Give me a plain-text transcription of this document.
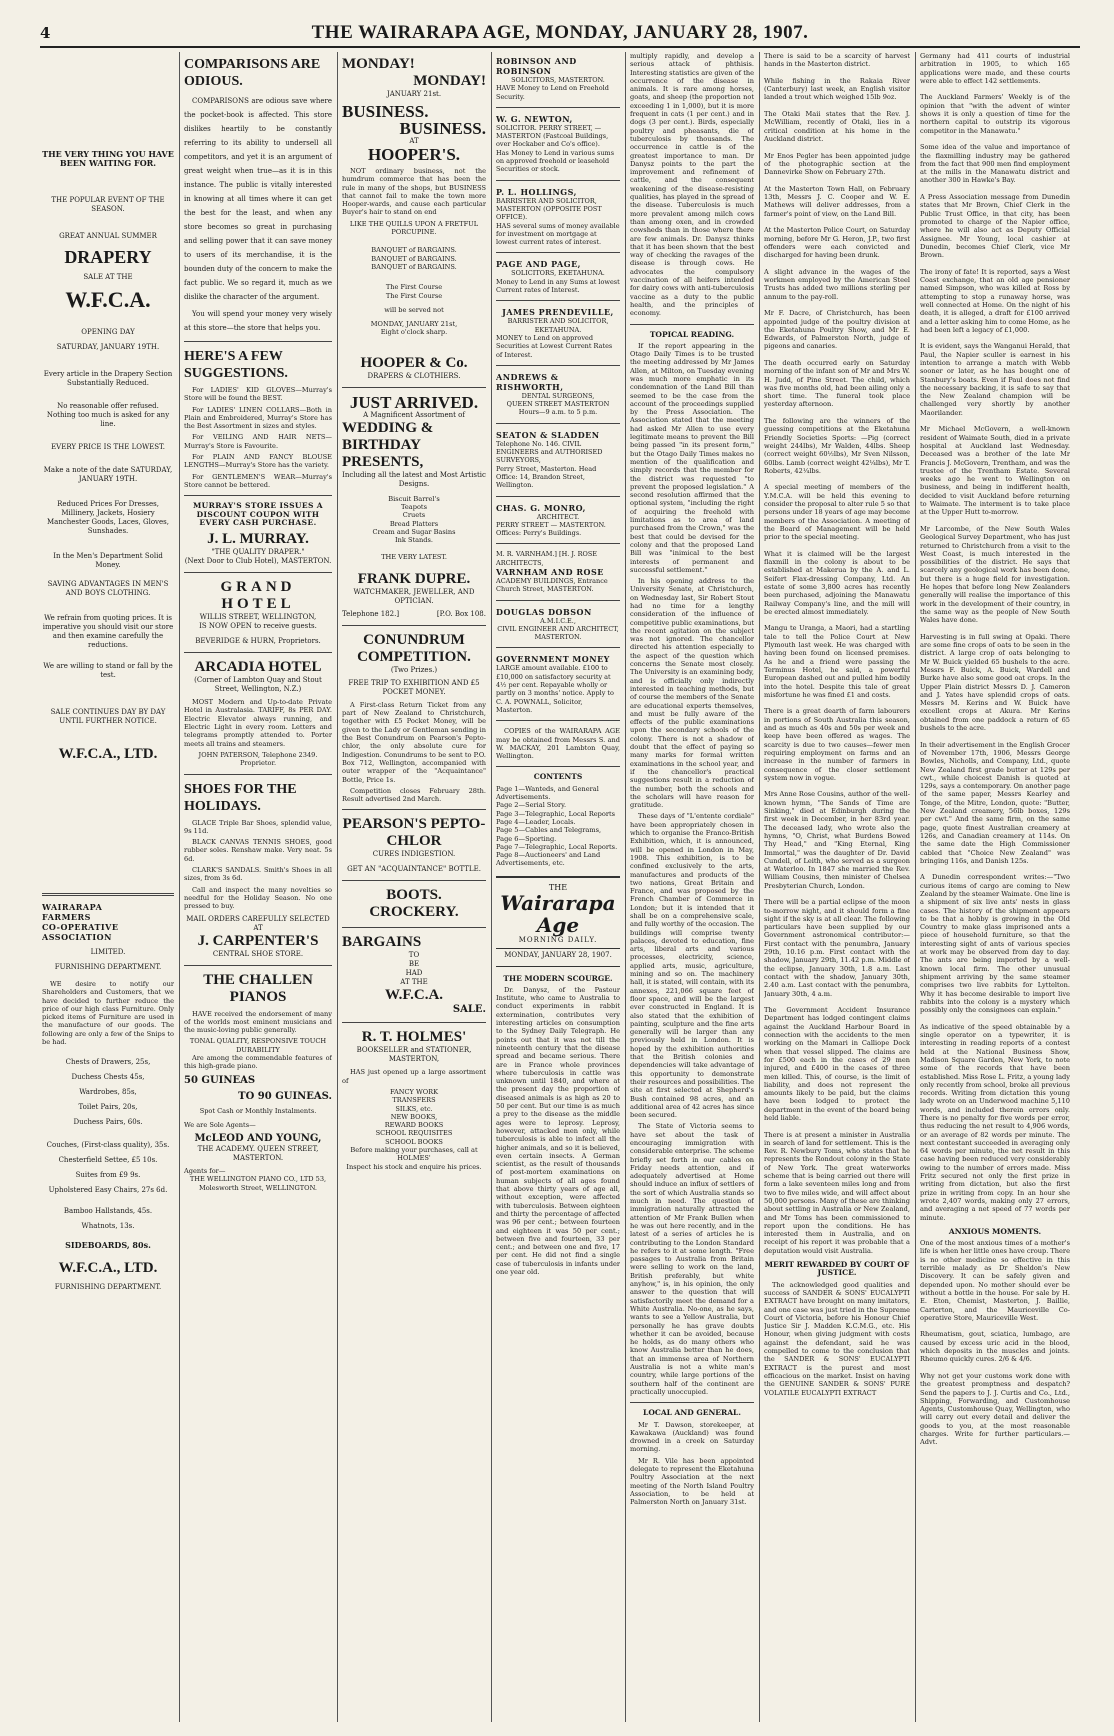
4	THE WAIRARAPA AGE, MONDAY, JANUARY 28, 1907.
THE VERY THING YOU HAVE BEEN WAITING FOR.
THE POPULAR EVENT OF THE SEASON.
GREAT ANNUAL SUMMER
DRAPERY
SALE AT THE
W.F.C.A.
OPENING DAY
SATURDAY, JANUARY 19TH.
Every article in the Drapery Section Substantially Reduced.
No reasonable offer refused. Nothing too much is asked for any line.
EVERY PRICE IS THE LOWEST.
Make a note of the date SATURDAY, JANUARY 19TH.
Reduced Prices For Dresses, Millinery, Jackets, Hosiery Manchester Goods, Laces, Gloves, Sunshades.
In the Men's Department Solid Money.
SAVING ADVANTAGES IN MEN'S AND BOYS CLOTHING.
We refrain from quoting prices. It is imperative you should visit our store and then examine carefully the reductions.
We are willing to stand or fall by the test.
SALE CONTINUES DAY BY DAY UNTIL FURTHER NOTICE.
W.F.C.A., LTD.
WAIRARAPA
FARMERS
CO-OPERATIVE
ASSOCIATION
LIMITED.
FURNISHING DEPARTMENT.

WE desire to notify our Shareholders and Customers, that we have decided to further reduce the price of our high class Furniture. Only picked items of Furniture are used in the manufacture of our goods. The following are only a few of the Snips to be had.

Chests of Drawers, 25s,
Duchess Chests 45s,
Wardrobes, 85s,
Toilet Pairs, 20s,
Duchess Pairs, 60s.
Couches, (First-class quality), 35s.
Chesterfield Settee, £5 10s.
Suites from £9 9s.
Upholstered Easy Chairs, 27s 6d.
Bamboo Hallstands, 45s.
Whatnots, 13s.
SIDEBOARDS, 80s.
W.F.C.A., LTD.
FURNISHING DEPARTMENT.
COMPARISONS ARE ODIOUS.

COMPARISONS are odious save where the pocket-book is affected. This store dislikes heartily to be constantly referring to its ability to undersell all competitors, and yet it is an argument of great weight when true—as it is in this instance. The public is vitally interested in knowing at all times where it can get the best for the least, and when any store becomes so great in purchasing and selling power that it can save money to users of its merchandise, it is the bounden duty of the concern to make the fact public. We so regard it, much as we dislike the character of the argument.

You will spend your money very wisely at this store—the store that helps you.

HERE'S A FEW SUGGESTIONS.

For LADIES' KID GLOVES—Murray's Store will be found the BEST.

For LADIES' LINEN COLLARS—Both in Plain and Embroidered, Murray's Store has the Best Assortment in sizes and styles.

For VEILING AND HAIR NETS—Murray's Store is Favourite.

For PLAIN AND FANCY BLOUSE LENGTHS—Murray's Store has the variety.

For GENTLEMEN'S WEAR—Murray's Store cannot be bettered.

MURRAY'S STORE ISSUES A DISCOUNT COUPON WITH EVERY CASH PURCHASE.
J. L. MURRAY.
"THE QUALITY DRAPER."
(Next Door to Club Hotel), MASTERTON.
GRAND HOTEL
WILLIS STREET, WELLINGTON,
IS NOW OPEN to receive guests.
BEVERIDGE & HURN, Proprietors.
ARCADIA HOTEL
(Corner of Lambton Quay and Stout Street, Wellington, N.Z.)

MOST Modern and Up-to-date Private Hotel in Australasia. TARIFF, 8s PER DAY. Electric Elevator always running, and Electric Light in every room. Letters and telegrams promptly attended to. Porter meets all trains and steamers.

JOHN PATERSON, Telephone 2349. Proprietor.
SHOES FOR THE HOLIDAYS.

GLACE Triple Bar Shoes, splendid value, 9s 11d.

BLACK CANVAS TENNIS SHOES, good rubber soles. Renshaw make. Very neat. 5s 6d.

CLARK'S SANDALS. Smith's Shoes in all sizes, from 3s 6d.

Call and inspect the many novelties so needful for the Holiday Season. No one pressed to buy.

MAIL ORDERS CAREFULLY SELECTED AT
J. CARPENTER'S
CENTRAL SHOE STORE.
THE CHALLEN PIANOS

HAVE received the endorsement of many of the worlds most eminent musicians and the music-loving public generally.

TONAL QUALITY, RESPONSIVE TOUCH DURABILITY

Are among the commendable features of this high-grade piano.

50 GUINEAS
TO 90 GUINEAS.
Spot Cash or Monthly Instalments.
We are Sole Agents—
McLEOD AND YOUNG,
THE ACADEMY. QUEEN STREET, MASTERTON.
Agents for—
THE WELLINGTON PIANO CO., LTD 53, Molesworth Street, WELLINGTON.
MONDAY!
MONDAY!
JANUARY 21st.
BUSINESS.
BUSINESS.
AT
HOOPER'S.

NOT ordinary business, not the humdrum commerce that has been the rule in many of the shops, but BUSINESS that cannot fail to make the town more Hooper-wards, and cause each particular Buyer's hair to stand on end

LIKE THE QUILLS UPON A FRETFUL PORCUPINE.
BANQUET of BARGAINS.
BANQUET of BARGAINS.
BANQUET of BARGAINS.
The First Course
The First Course
will be served not
MONDAY, JANUARY 21st,
Eight o'clock sharp.
HOOPER & Co.
DRAPERS & CLOTHIERS.
JUST ARRIVED.
A Magnificent Assortment of
WEDDING & BIRTHDAY PRESENTS,
Including all the latest and Most Artistic Designs.
Biscuit Barrel's
Teapots
Cruets
Bread Platters
Cream and Sugar Basins
Ink Stands.
THE VERY LATEST.
FRANK DUPRE.
WATCHMAKER, JEWELLER, AND OPTICIAN.
Telephone 182.]	[P.O. Box 108.
CONUNDRUM COMPETITION.
(Two Prizes.)
FREE TRIP TO EXHIBITION AND £5 POCKET MONEY.

A First-class Return Ticket from any part of New Zealand to Christchurch, together with £5 Pocket Money, will be given to the Lady or Gentleman sending in the Best Conundrum on Pearson's Pepto-chlor, the only absolute cure for Indigestion. Conundrums to be sent to P.O. Box 712, Wellington, accompanied with outer wrapper of the "Acquaintance" Bottle, Price 1s.

Competition closes February 28th. Result advertised 2nd March.

PEARSON'S PEPTO-CHLOR
CURES INDIGESTION.
GET AN "ACQUAINTANCE" BOTTLE.
BOOTS.
CROCKERY.
BARGAINS
TO
BE
HAD
AT THE
W.F.C.A.
SALE.
R. T. HOLMES'
BOOKSELLER and STATIONER, MASTERTON,

HAS just opened up a large assortment of

FANCY WORK
TRANSFERS
SILKS, etc.
NEW BOOKS,
REWARD BOOKS
SCHOOL REQUISITES
SCHOOL BOOKS
Before making your purchases, call at
HOLMES'
Inspect his stock and enquire his prices.
ROBINSON AND ROBINSON
SOLICITORS, MASTERTON.
HAVE Money to Lend on Freehold Security.
W. G. NEWTON,
SOLICITOR. PERRY STREET, — MASTERTON (Fastcoal Buildings, over Hockaber and Co's office).
Has Money to Lend in various sums on approved freehold or leasehold Securities or stock.
P. L. HOLLINGS,
BARRISTER AND SOLICITOR, MASTERTON (OPPOSITE POST OFFICE).
HAS several sums of money available for investment on mortgage at lowest current rates of interest.
PAGE AND PAGE,
SOLICITORS, EKETAHUNA.
Money to Lend in any Sums at lowest Current rates of Interest.
JAMES PRENDEVILLE,
BARRISTER AND SOLICITOR, EKETAHUNA.
MONEY to Lend on approved Securities at Lowest Current Rates of Interest.
ANDREWS & RISHWORTH,
DENTAL SURGEONS,
QUEEN STREET MASTERTON Hours—9 a.m. to 5 p.m.
SEATON & SLADDEN
Telephone No. 146. CIVIL ENGINEERS and AUTHORISED SURVEYORS,
Perry Street, Masterton. Head Office: 14, Brandon Street, Wellington.
CHAS. G. MONRO,
ARCHITECT.
PERRY STREET — MASTERTON. Offices: Perry's Buildings.
M. R. VARNHAM.] [H. J. ROSE ARCHITECTS,
VARNHAM AND ROSE
ACADEMY BUILDINGS, Entrance Church Street, MASTERTON.
DOUGLAS DOBSON
A.M.I.C.E.,
CIVIL ENGINEER AND ARCHITECT, MASTERTON.
GOVERNMENT MONEY
LARGE amount available. £100 to £10,000 on satisfactory security at 4½ per cent. Repayable wholly or partly on 3 months' notice. Apply to C. A. POWNALL, Solicitor, Masterton.

COPIES of the WAIRARAPA AGE may be obtained from Messrs S. and W. MACKAY, 201 Lambton Quay, Wellington.

CONTENTS
Page 1—Wanteds, and General Advertisements.
Page 2—Serial Story.
Page 3—Telegraphic, Local Reports
Page 4—Leader, Locals.
Page 5—Cables and Telegrams,
Page 6—Sporting.
Page 7—Telegraphic, Local Reports.
Page 8—Auctioneers' and Land Advertisements, etc.
THE
Wairarapa Age
MORNING DAILY.
MONDAY, JANUARY 28, 1907.
THE MODERN SCOURGE.

Dr. Danysz, of the Pasteur Institute, who came to Australia to conduct experiments in rabbit extermination, contributes very interesting articles on consumption to the Sydney Daily Telegraph. He points out that it was not till the nineteenth century that the disease spread and became serious. There are in France whole provinces where tuberculosis in cattle was unknown until 1840, and where at the present day the proportion of diseased animals is as high as 20 to 50 per cent. But our time is as much a prey to the disease as the middle ages were to leprosy. Leprosy, however, attacked men only, while tuberculosis is able to infect all the higher animals, and so it is believed, even certain insects. A German scientist, as the result of thousands of post-mortem examinations on human subjects of all ages found that above thirty years of age all, without exception, were affected with tuberculosis. Between eighteen and thirty the percentage of affected was 96 per cent.; between fourteen and eighteen it was 50 per cent.; between five and fourteen, 33 per cent.; and between one and five, 17 per cent. He did not find a single case of tuberculosis in infants under one year old.

multiply rapidly, and develop a serious attack of phthisis. Interesting statistics are given of the occurrence of the disease in animals. It is rare among horses, goats, and sheep (the proportion not exceeding 1 in 1,000), but it is more frequent in cats (1 per cent.) and in dogs (3 per cent.). Birds, especially poultry and pheasants, die of tuberculosis by thousands. The occurrence in cattle is of the greatest importance to man. Dr Danysz points to the part the improvement and refinement of cattle, and the consequent weakening of the disease-resisting qualities, has played in the spread of the disease. Tuberculosis is much more prevalent among milch cows than among oxen, and in crowded cowsheds than in those where there are few animals. Dr. Danysz thinks that it has been shown that the best way of checking the ravages of the disease is through cows. He advocates the compulsory vaccination of all heifers intended for dairy cows with anti-tuberculosis vaccine as a duty to the public health, and the principles of economy.

TOPICAL READING.

If the report appearing in the Otago Daily Times is to be trusted the meeting addressed by Mr James Allen, at Milton, on Tuesday evening was much more emphatic in its condemnation of the Land Bill than seemed to be the case from the account of the proceedings supplied by the Press Association. The Association stated that the meeting had asked Mr Allen to use every legitimate means to prevent the Bill being passed "in its present form," but the Otago Daily Times makes no mention of the qualification and simply records that the member for the district was requested "to prevent the proposed legislation." A second resolution affirmed that the optional system, "including the right of acquiring the freehold with limitations as to area of land purchased from the Crown," was the best that could be devised for the colony and that the proposed Land Bill was "inimical to the best interests of permanent and successful settlement."

In his opening address to the University Senate, at Christchurch, on Wednesday last, Sir Robert Stout had no time for a lengthy consideration of the influence of competitive public examinations, but the recent agitation on the subject was not ignored. The chancellor directed his attention especially to the aspect of the question which concerns the Senate most closely. The University is an examining body, and is officially only indirectly interested in teaching methods, but of course the members of the Senate are educational experts themselves, and must be fully aware of the effects of the public examinations upon the secondary schools of the colony. There is not a shadow of doubt that the effect of paying so many marks for formal written examinations in the school year, and if the chancellor's practical suggestions result in a reduction of the number, both the schools and the scholars will have reason for gratitude.

These days of "L'entente cordiale" have been appropriately chosen in which to organise the Franco-British Exhibition, which, it is announced, will be opened in London in May, 1908. This exhibition, is to be confined exclusively to the arts, manufactures and products of the two nations, Great Britain and France, and was proposed by the French Chamber of Commerce in London; but it is intended that it shall be on a comprehensive scale, and fully worthy of the occasion. The buildings will comprise twenty palaces, devoted to education, fine arts, liberal arts and various processes, electricity, science, applied arts, music, agriculture, mining and so on. The machinery hall, it is stated, will contain, with its annexes, 221,066 square feet of floor space, and will be the largest ever constructed in England. It is also stated that the exhibition of painting, sculpture and the fine arts generally will be larger than any previously held in London. It is hoped by the exhibition authorities that the British colonies and dependencies will take advantage of this opportunity to demonstrate their resources and possibilities. The site at first selected at Shepherd's Bush contained 98 acres, and an additional area of 42 acres has since been secured.

The State of Victoria seems to have set about the task of encouraging immigration with considerable enterprise. The scheme briefly set forth in our cables on Friday needs attention, and if adequately advertised at Home should induce an influx of settlers of the sort of which Australia stands so much in need. The question of immigration naturally attracted the attention of Mr Frank Bullen when he was out here recently, and in the latest of a series of articles he is contributing to the London Standard he refers to it at some length. "Free passages to Australia from Britain were selling to work on the land, British preferably, but white anyhow," is, in his opinion, the only answer to the question that will satisfactorily meet the demand for a White Australia. No-one, as he says, wants to see a Yellow Australia, but personally he has grave doubts whether it can be avoided, because he holds, as do many others who know Australia better than he does, that an immense area of Northern Australia is not a white man's country, while large portions of the southern half of the continent are practically unoccupied.

LOCAL AND GENERAL.

Mr T. Dawson, storekeeper, at Kawakawa (Auckland) was found drowned in a creek on Saturday morning.

Mr R. Vile has been appointed delegate to represent the Eketahuna Poultry Association at the next meeting of the North Island Poultry Association, to be held at Palmerston North on January 31st.

There is said to be a scarcity of harvest hands in the Masterton district.

While fishing in the Rakaia River (Canterbury) last week, an English visitor landed a trout which weighed 15lb 9oz.

The Otaki Maii states that the Rev. J. McWilliam, recently of Otaki, lies in a critical condition at his home in the Auckland district.

Mr Enos Pegler has been appointed judge of the photographic section at the Dannevirke Show on February 27th.

At the Masterton Town Hall, on February 13th, Messrs J. C. Cooper and W. E. Mathews will deliver addresses, from a farmer's point of view, on the Land Bill.

At the Masterton Police Court, on Saturday morning, before Mr G. Heron, J.P., two first offenders were each convicted and discharged for having been drunk.

A slight advance in the wages of the workmen employed by the American Steel Trusts has added two millions sterling per annum to the pay-roll.

Mr F. Dacre, of Christchurch, has been appointed judge of the poultry division at the Eketahuna Poultry Show, and Mr E. Edwards, of Palmerston North, judge of pigeons and canaries.

The death occurred early on Saturday morning of the infant son of Mr and Mrs W. H. Judd, of Pine Street. The child, which was five months old, had been ailing only a short time. The funeral took place yesterday afternoon.

The following are the winners of the guessing competitions at the Eketahuna Friendly Societies Sports: —Pig (correct weight 244lbs), Mr Walden, 44lbs. Sheep (correct weight 60½lbs), Mr Sven Nilsson, 60lbs. Lamb (correct weight 42¼lbs), Mr T. Roberts, 42¼lbs.

A special meeting of members of the Y.M.C.A. will be held this evening to consider the proposal to alter rule 5 so that persons under 18 years of age may become members of the Association. A meeting of the Board of Management will be held prior to the special meeting.

What it is claimed will be the largest flaxmill in the colony is about to be established at Makerua by the A. and L. Seifert Flax-dressing Company, Ltd. An estate of some 3,800 acres has recently been purchased, adjoining the Manawatu Railway Company's line, and the mill will be erected almost immediately.

Mangu te Uranga, a Maori, had a startling tale to tell the Police Court at New Plymouth last week. He was charged with having been found on licensed premises. As he and a friend were passing the Terminus Hotel, he said, a powerful European dashed out and pulled him bodily into the hotel. Despite this tale of great misfortune he was fined £1 and costs.

There is a great dearth of farm labourers in portions of South Australia this season, and as much as 40s and 50s per week and keep have been offered as wages. The scarcity is due to two causes—fewer men requiring employment on farms and an increase in the number of farmers in consequence of the closer settlement system now in vogue.

Mrs Anne Rose Cousins, author of the well-known hymn, "The Sands of Time are Sinking," died at Edinburgh during the first week in December, in her 83rd year. The deceased lady, who wrote also the hymns, "O, Christ, what Burdens Bowed Thy Head," and "King Eternal, King Immortal," was the daughter of Dr. David Cundell, of Leith, who served as a surgeon at Waterloo. In 1847 she married the Rev. William Cousins, then minister of Chelsea Presbyterian Church, London.

There will be a partial eclipse of the moon to-morrow night, and it should form a fine sight if the sky is at all clear. The following particulars have been supplied by our Government astronomical contributor:—First contact with the penumbra, January 29th, 10.16 p.m. First contact with the shadow, January 29th, 11.42 p.m. Middle of the eclipse, January 30th, 1.8 a.m. Last contact with the shadow, January 30th, 2.40 a.m. Last contact with the penumbra, January 30th, 4 a.m.

The Government Accident Insurance Department has lodged contingent claims against the Auckland Harbour Board in connection with the accidents to the men working on the Mamari in Calliope Dock when that vessel slipped. The claims are for £500 each in the cases of 29 men injured, and £400 in the cases of three men killed. This, of course, is the limit of liability, and does not represent the amounts likely to be paid, but the claims have been lodged to protect the department in the event of the board being held liable.

There is at present a minister in Australia in search of land for settlement. This is the Rev. R. Newbury Toms, who states that he represents the Rondout colony in the State of New York. The great waterworks scheme that is being carried out there will form a lake seventeen miles long and from two to five miles wide, and will affect about 50,000 persons. Many of these are thinking about settling in Australia or New Zealand, and Mr Toms has been commissioned to report upon the conditions. He has interested them in Australia, and on receipt of his report it was probable that a deputation would visit Australia.
MERIT REWARDED BY COURT OF JUSTICE.

The acknowledged good qualities and success of SANDER & SONS' EUCALYPTI EXTRACT have brought on many imitators, and one case was just tried in the Supreme Court of Victoria, before his Honour Chief Justice Sir J. Madden K.C.M.G., etc. His Honour, when giving judgment with costs against the defendant, said he was compelled to come to the conclusion that the SANDER & SONS' EUCALYPTI EXTRACT is the purest and most efficacious on the market. Insist on having the GENUINE SANDER & SONS' PURE VOLATILE EUCALYPTI EXTRACT

Germany had 411 courts of industrial arbitration in 1905, to which 165 applications were made, and these courts were able to effect 142 settlements.

The Auckland Farmers' Weekly is of the opinion that "with the advent of winter shows it is only a question of time for the northern capital to outstrip its vigorous competitor in the Manawatu."

Some idea of the value and importance of the flaxmilling industry may be gathered from the fact that 900 men find employment at the mills in the Manawatu district and another 300 in Hawke's Bay.

A Press Association message from Dunedin states that Mr Brown, Chief Clerk in the Public Trust Office, in that city, has been promoted to charge of the Napier office, where he will also act as Deputy Official Assignee. Mr Young, local cashier at Dunedin, becomes Chief Clerk, vice Mr Brown.

The irony of fate! It is reported, says a West Coast exchange, that an old age pensioner named Simpson, who was killed at Ross by attempting to stop a runaway horse, was well connected at Home. On the night of his death, it is alleged, a draft for £100 arrived and a letter asking him to come Home, as he had been left a legacy of £1,000.

It is evident, says the Wanganui Herald, that Paul, the Napier sculler is earnest in his intention to arrange a match with Webb sooner or later, as he has bought one of Stanbury's boats. Even if Paul does not find the necessary backing, it is safe to say that the New Zealand champion will be challenged very shortly by another Maorilander.

Mr Michael McGovern, a well-known resident of Waimate South, died in a private hospital at Auckland last Wednesday. Deceased was a brother of the late Mr Francis J. McGovern, Trentham, and was the trustee of the Trentham Estate. Several weeks ago he went to Wellington on business, and being in indifferent health, decided to visit Auckland before returning to Waimate. The interment is to take place at the Upper Hutt to-morrow.

Mr Larcombe, of the New South Wales Geological Survey Department, who has just returned to Christchurch from a visit to the West Coast, is much interested in the possibilities of the district. He says that scarcely any geological work has been done, but there is a huge field for investigation. He hopes that before long New Zealanders generally will realise the importance of this work in the development of their country, in the same way as the people of New South Wales have done.

Harvesting is in full swing at Opaki. There are some fine crops of oats to be seen in the district. A large crop of oats belonging to Mr W. Buick yielded 65 bushels to the acre. Messrs F. Buick, A. Buick, Wardell and Burke have also some good oat crops. In the Upper Plain district Messrs D. J. Cameron and J. Yates have splendid crops of oats. Messrs M. Kerins and W. Buick have excellent crops at Akura. Mr Kerins obtained from one paddock a return of 65 bushels to the acre.

In their advertisement in the English Grocer of November 17th, 1906, Messrs George Bowles, Nicholls, and Company, Ltd., quote New Zealand first grade butter at 129s per cwt., while choicest Danish is quoted at 129s, says a contemporary. On another page of the same paper, Messrs Kearley and Tonge, of the Mitre, London, quote: "Butter, New Zealand creamery, 56lb boxes, 129s per cwt." And the same firm, on the same page, quote finest Australian creamery at 126s, and Canadian creamery at 114s. On the same date the High Commissioner cabled that "Choice New Zealand" was bringing 116s, and Danish 125s.

A Dunedin correspondent writes:—"Two curious items of cargo are coming to New Zealand by the steamer Waimate. One line is a shipment of six live ants' nests in glass cases. The history of the shipment appears to be that a hobby is growing in the Old Country to make glass imprisoned ants a piece of household furniture, so that the interesting sight of ants of various species at work may be observed from day to day. The ants are being imported by a well-known local firm. The other unusual shipment arriving by the same steamer comprises two live rabbits for Lyttelton. Why it has become desirable to import live rabbits into the colony is a mystery which possibly only the consignees can explain."

As indicative of the speed obtainable by a single operator on a typewriter, it is interesting in reading reports of a contest held at the National Business Show, Madison Square Garden, New York, to note some of the records that have been established. Miss Rose L. Fritz, a young lady only recently from school, broke all previous records. Writing from dictation this young lady wrote on an Underwood machine 5,110 words, and included therein errors only. There is no penalty for five words per error, thus reducing the net result to 4,906 words, or an average of 82 words per minute. The next contestant succeeded in averaging only 64 words per minute, the net result in this case having been reduced very considerably owing to the number of errors made. Miss Fritz secured not only the first prize in writing from dictation, but also the first prize in writing from copy. In an hour she wrote 2,407 words, making only 27 errors, and averaging a net speed of 77 words per minute.
ANXIOUS MOMENTS.
One of the most anxious times of a mother's life is when her little ones have croup. There is no other medicine so effective in this terrible malady as Dr Sheldon's New Discovery. It can be safely given and depended upon. No mother should ever be without a bottle in the house. For sale by H. E. Eton, Chemist, Masterton, J. Baillie, Carterton, and the Mauriceville Co-operative Store, Mauriceville West.

Rheumatism, gout, sciatica, lumbago, are caused by excess uric acid in the blood, which deposits in the muscles and joints. Rheumo quickly cures. 2/6 & 4/6.

Why not get your customs work done with the greatest promptness and despatch? Send the papers to J. J. Curtis and Co., Ltd., Shipping, Forwarding, and Customhouse Agents, Customhouse Quay, Wellington, who will carry out every detail and deliver the goods to you, at the most reasonable charges. Write for further particulars.—Advt.
